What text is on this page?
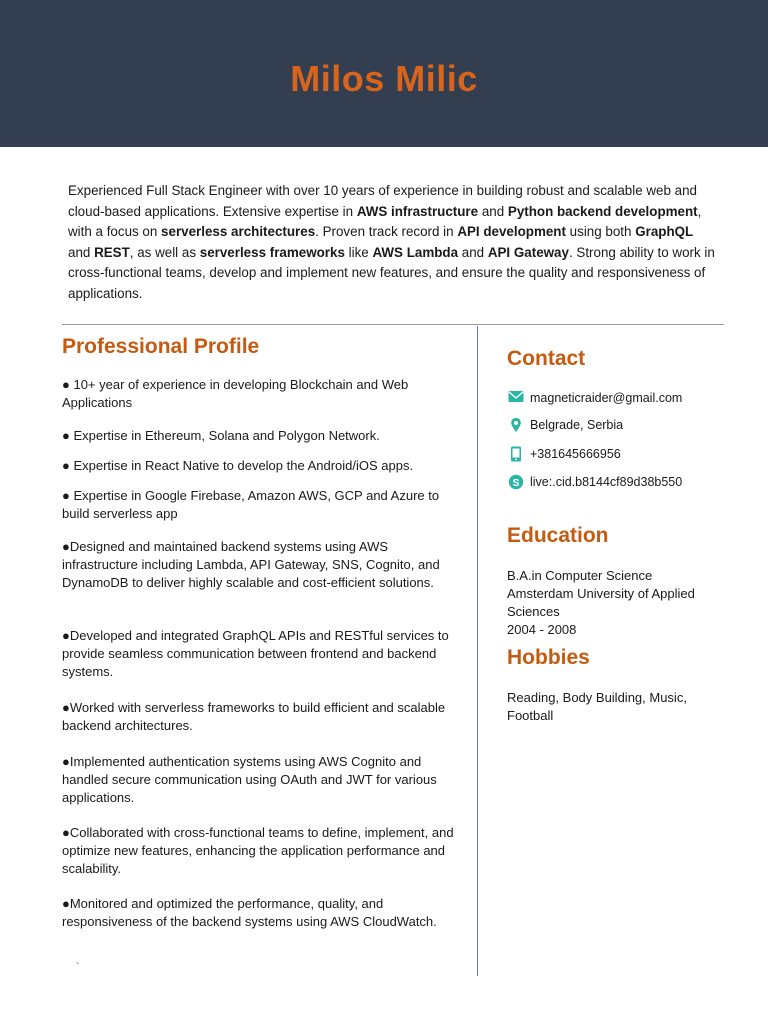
Milos Milic
Experienced Full Stack Engineer with over 10 years of experience in building robust and scalable web and cloud-based applications. Extensive expertise in AWS infrastructure and Python backend development, with a focus on serverless architectures. Proven track record in API development using both GraphQL and REST, as well as serverless frameworks like AWS Lambda and API Gateway. Strong ability to work in cross-functional teams, develop and implement new features, and ensure the quality and responsiveness of applications.
Professional Profile
● 10+ year of experience in developing Blockchain and Web Applications
● Expertise in Ethereum, Solana and Polygon Network.
● Expertise in React Native to develop the Android/iOS apps.
● Expertise in Google Firebase, Amazon AWS, GCP and Azure to build serverless app
●Designed and maintained backend systems using AWS infrastructure including Lambda, API Gateway, SNS, Cognito, and DynamoDB to deliver highly scalable and cost-efficient solutions.
●Developed and integrated GraphQL APIs and RESTful services to provide seamless communication between frontend and backend systems.
●Worked with serverless frameworks to build efficient and scalable backend architectures.
●Implemented authentication systems using AWS Cognito and handled secure communication using OAuth and JWT for various applications.
●Collaborated with cross-functional teams to define, implement, and optimize new features, enhancing the application performance and scalability.
●Monitored and optimized the performance, quality, and responsiveness of the backend systems using AWS CloudWatch.
`
Contact
magneticraider@gmail.com
Belgrade, Serbia
+381645666956
S live:.cid.b8144cf89d38b550
Education
B.A.in Computer Science
Amsterdam University of Applied Sciences
2004 - 2008
Hobbies
Reading, Body Building, Music, Football
